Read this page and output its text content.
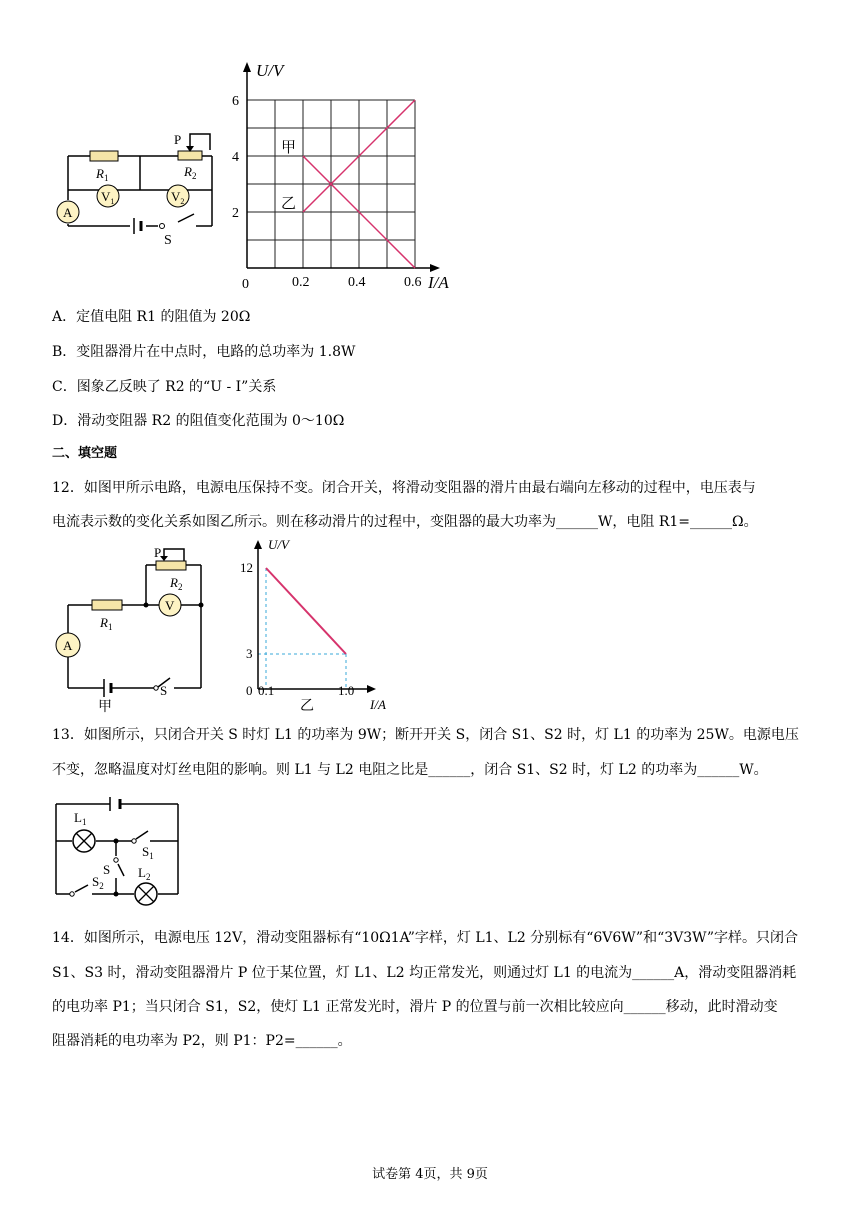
P
$R_1$	$R_2$
$V_1$	$V_2$
A
S
U/V
I/A
6
4
2
0	0.2	0.4	0.6
甲
乙
A．定值电阻 R1 的阻值为 20Ω
B．变阻器滑片在中点时，电路的总功率为 1.8W
C．图象乙反映了 R2 的“U - I”关系
D．滑动变阻器 R2 的阻值变化范围为 0～10Ω
二、填空题
12．如图甲所示电路，电源电压保持不变。闭合开关，将滑动变阻器的滑片由最右端向左移动的过程中，电压表与
电流表示数的变化关系如图乙所示。则在移动滑片的过程中，变阻器的最大功率为______W，电阻 R1=______Ω。
P
$R_2$
$R_1$
V
A
S
甲
U/V
I/A
12
3
0 0.1	1.0
乙
13．如图所示，只闭合开关 S 时灯 L1 的功率为 9W；断开开关 S，闭合 S1、S2 时，灯 L1 的功率为 25W。电源电压
不变，忽略温度对灯丝电阻的影响。则 L1 与 L2 电阻之比是______，闭合 S1、S2 时，灯 L2 的功率为______W。
$L_1$
$L_2$
S
$S_1$
$S_2$
14．如图所示，电源电压 12V，滑动变阻器标有“10Ω1A”字样，灯 L1、L2 分别标有“6V6W”和“3V3W”字样。只闭合
S1、S3 时，滑动变阻器滑片 P 位于某位置，灯 L1、L2 均正常发光，则通过灯 L1 的电流为______A，滑动变阻器消耗
的电功率 P1；当只闭合 S1，S2，使灯 L1 正常发光时，滑片 P 的位置与前一次相比较应向______移动，此时滑动变
阻器消耗的电功率为 P2，则 P1：P2=______。
试卷第 4页，共 9页
